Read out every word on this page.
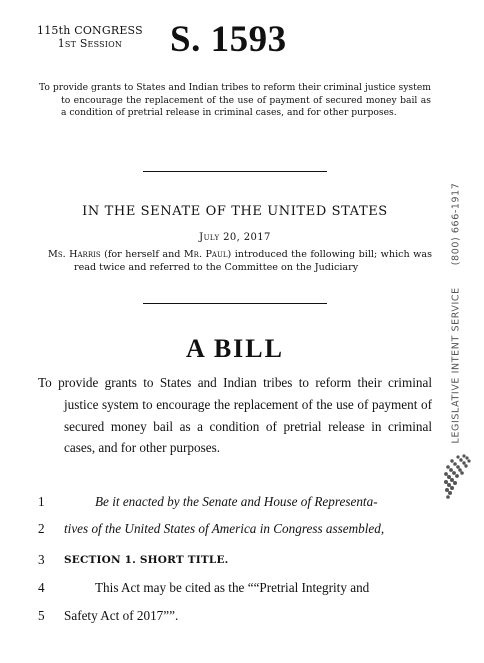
115th CONGRESS
1st Session	S. 1593
To provide grants to States and Indian tribes to reform their criminal justice system to encourage the replacement of the use of payment of secured money bail as a condition of pretrial release in criminal cases, and for other purposes.
IN THE SENATE OF THE UNITED STATES
July 20, 2017
Ms. Harris (for herself and Mr. Paul) introduced the following bill; which was read twice and referred to the Committee on the Judiciary
A BILL
To provide grants to States and Indian tribes to reform their criminal justice system to encourage the replacement of the use of payment of secured money bail as a condition of pretrial release in criminal cases, and for other purposes.
1	Be it enacted by the Senate and House of Representa-
2	tives of the United States of America in Congress assembled,
3	SECTION 1. SHORT TITLE.
4	This Act may be cited as the ““Pretrial Integrity and
5	Safety Act of 2017””.
LEGISLATIVE INTENT SERVICE(800) 666-1917
